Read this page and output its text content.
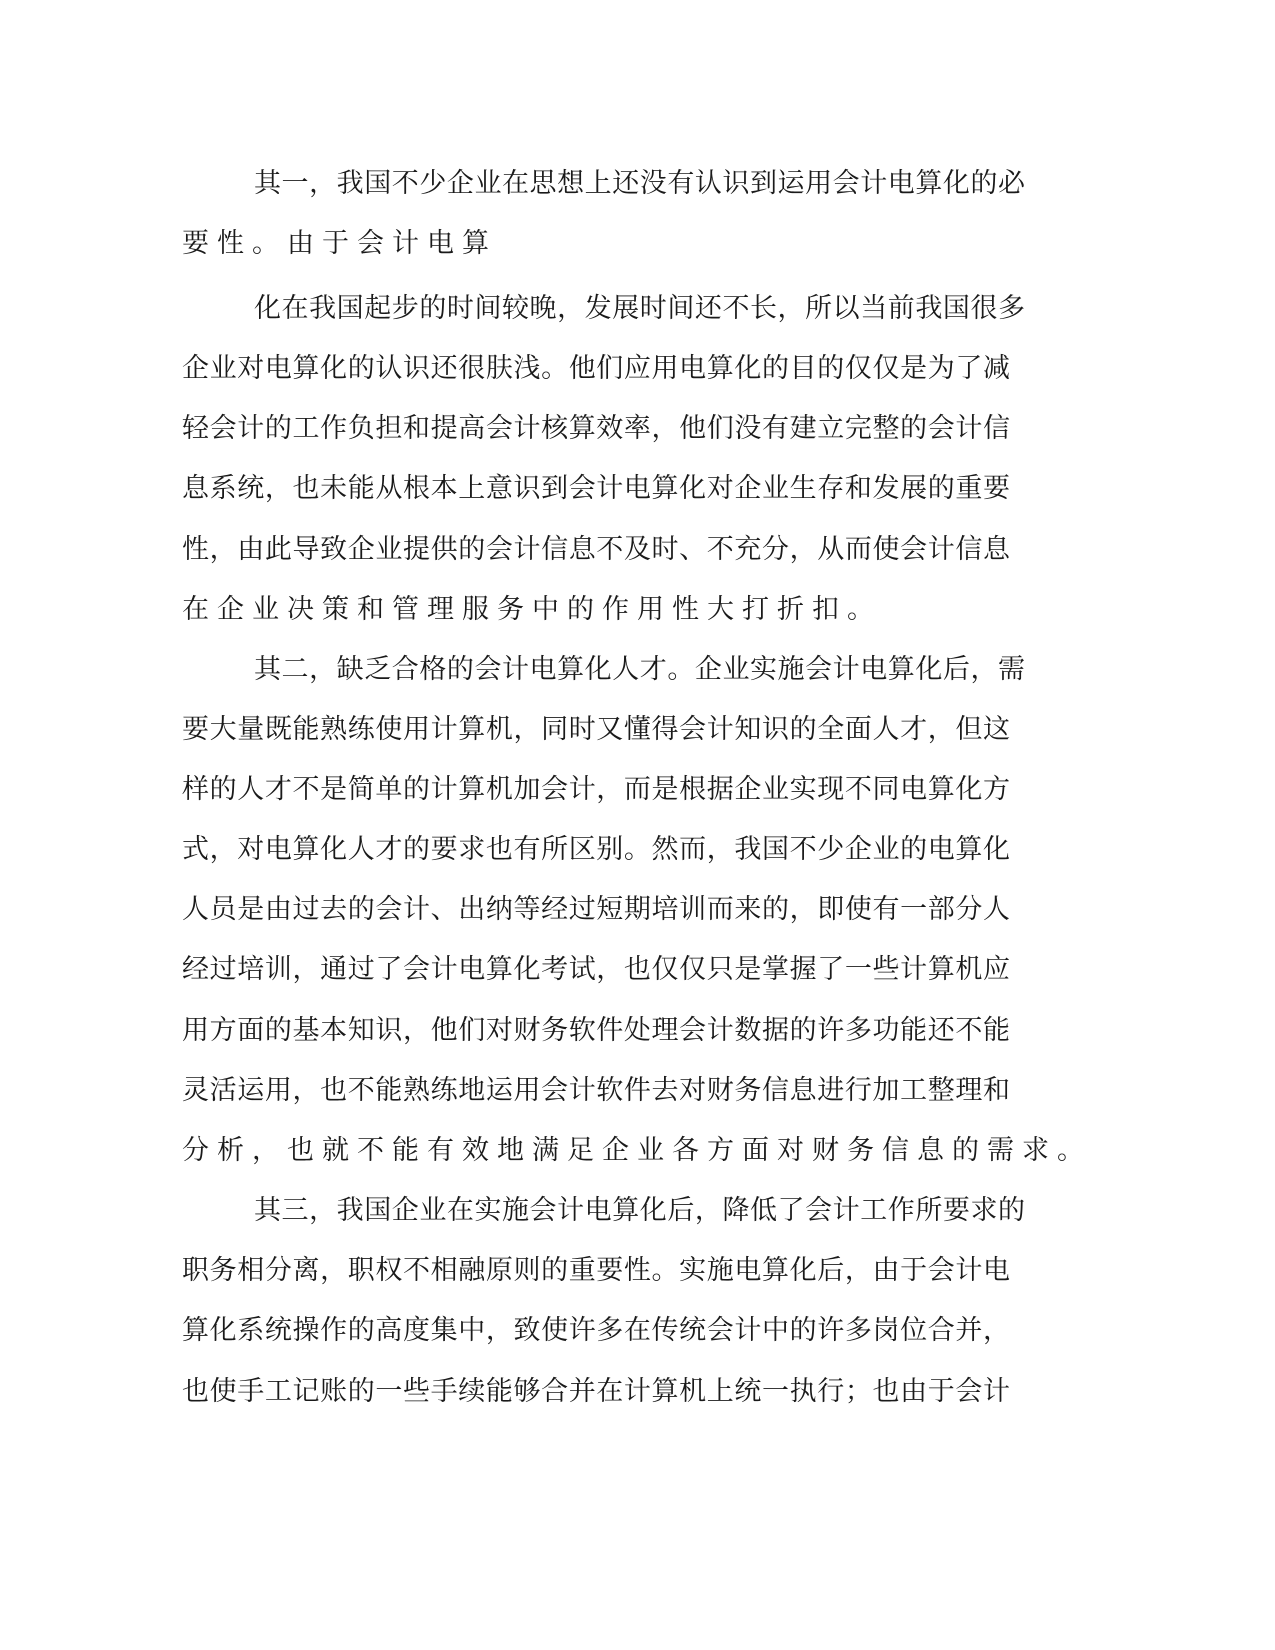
其一，我国不少企业在思想上还没有认识到运用会计电算化的必
要性。由于会计电算
化在我国起步的时间较晚，发展时间还不长，所以当前我国很多
企业对电算化的认识还很肤浅。他们应用电算化的目的仅仅是为了减
轻会计的工作负担和提高会计核算效率，他们没有建立完整的会计信
息系统，也未能从根本上意识到会计电算化对企业生存和发展的重要
性，由此导致企业提供的会计信息不及时、不充分，从而使会计信息
在企业决策和管理服务中的作用性大打折扣。
其二，缺乏合格的会计电算化人才。企业实施会计电算化后，需
要大量既能熟练使用计算机，同时又懂得会计知识的全面人才，但这
样的人才不是简单的计算机加会计，而是根据企业实现不同电算化方
式，对电算化人才的要求也有所区别。然而，我国不少企业的电算化
人员是由过去的会计、出纳等经过短期培训而来的，即使有一部分人
经过培训，通过了会计电算化考试，也仅仅只是掌握了一些计算机应
用方面的基本知识，他们对财务软件处理会计数据的许多功能还不能
灵活运用，也不能熟练地运用会计软件去对财务信息进行加工整理和
分析，也就不能有效地满足企业各方面对财务信息的需求。
其三，我国企业在实施会计电算化后，降低了会计工作所要求的
职务相分离，职权不相融原则的重要性。实施电算化后，由于会计电
算化系统操作的高度集中，致使许多在传统会计中的许多岗位合并，
也使手工记账的一些手续能够合并在计算机上统一执行；也由于会计
